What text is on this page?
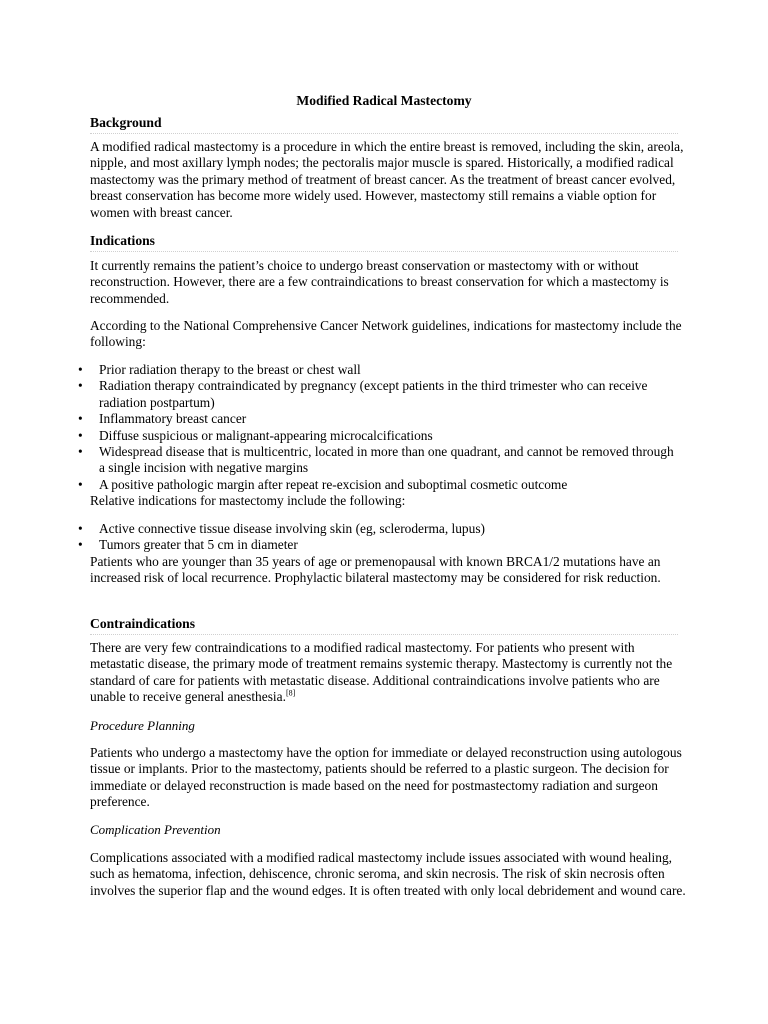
Modified Radical Mastectomy
Background

A modified radical mastectomy is a procedure in which the entire breast is removed, including the skin, areola, nipple, and most axillary lymph nodes; the pectoralis major muscle is spared. Historically, a modified radical mastectomy was the primary method of treatment of breast cancer. As the treatment of breast cancer evolved, breast conservation has become more widely used. However, mastectomy still remains a viable option for women with breast cancer.

Indications

It currently remains the patient’s choice to undergo breast conservation or mastectomy with or without reconstruction. However, there are a few contraindications to breast conservation for which a mastectomy is recommended.

According to the National Comprehensive Cancer Network guidelines, indications for mastectomy include the following:

• Prior radiation therapy to the breast or chest wall
• Radiation therapy contraindicated by pregnancy (except patients in the third trimester who can receive radiation postpartum)
• Inflammatory breast cancer
• Diffuse suspicious or malignant-appearing microcalcifications
• Widespread disease that is multicentric, located in more than one quadrant, and cannot be removed through a single incision with negative margins
• A positive pathologic margin after repeat re-excision and suboptimal cosmetic outcome

Relative indications for mastectomy include the following:

• Active connective tissue disease involving skin (eg, scleroderma, lupus)
• Tumors greater that 5 cm in diameter

Patients who are younger than 35 years of age or premenopausal with known BRCA1/2 mutations have an increased risk of local recurrence. Prophylactic bilateral mastectomy may be considered for risk reduction.

Contraindications

There are very few contraindications to a modified radical mastectomy. For patients who present with metastatic disease, the primary mode of treatment remains systemic therapy. Mastectomy is currently not the standard of care for patients with metastatic disease. Additional contraindications involve patients who are unable to receive general anesthesia.[8]

Procedure Planning

Patients who undergo a mastectomy have the option for immediate or delayed reconstruction using autologous tissue or implants. Prior to the mastectomy, patients should be referred to a plastic surgeon. The decision for immediate or delayed reconstruction is made based on the need for postmastectomy radiation and surgeon preference.

Complication Prevention

Complications associated with a modified radical mastectomy include issues associated with wound healing, such as hematoma, infection, dehiscence, chronic seroma, and skin necrosis. The risk of skin necrosis often involves the superior flap and the wound edges. It is often treated with only local debridement and wound care.
